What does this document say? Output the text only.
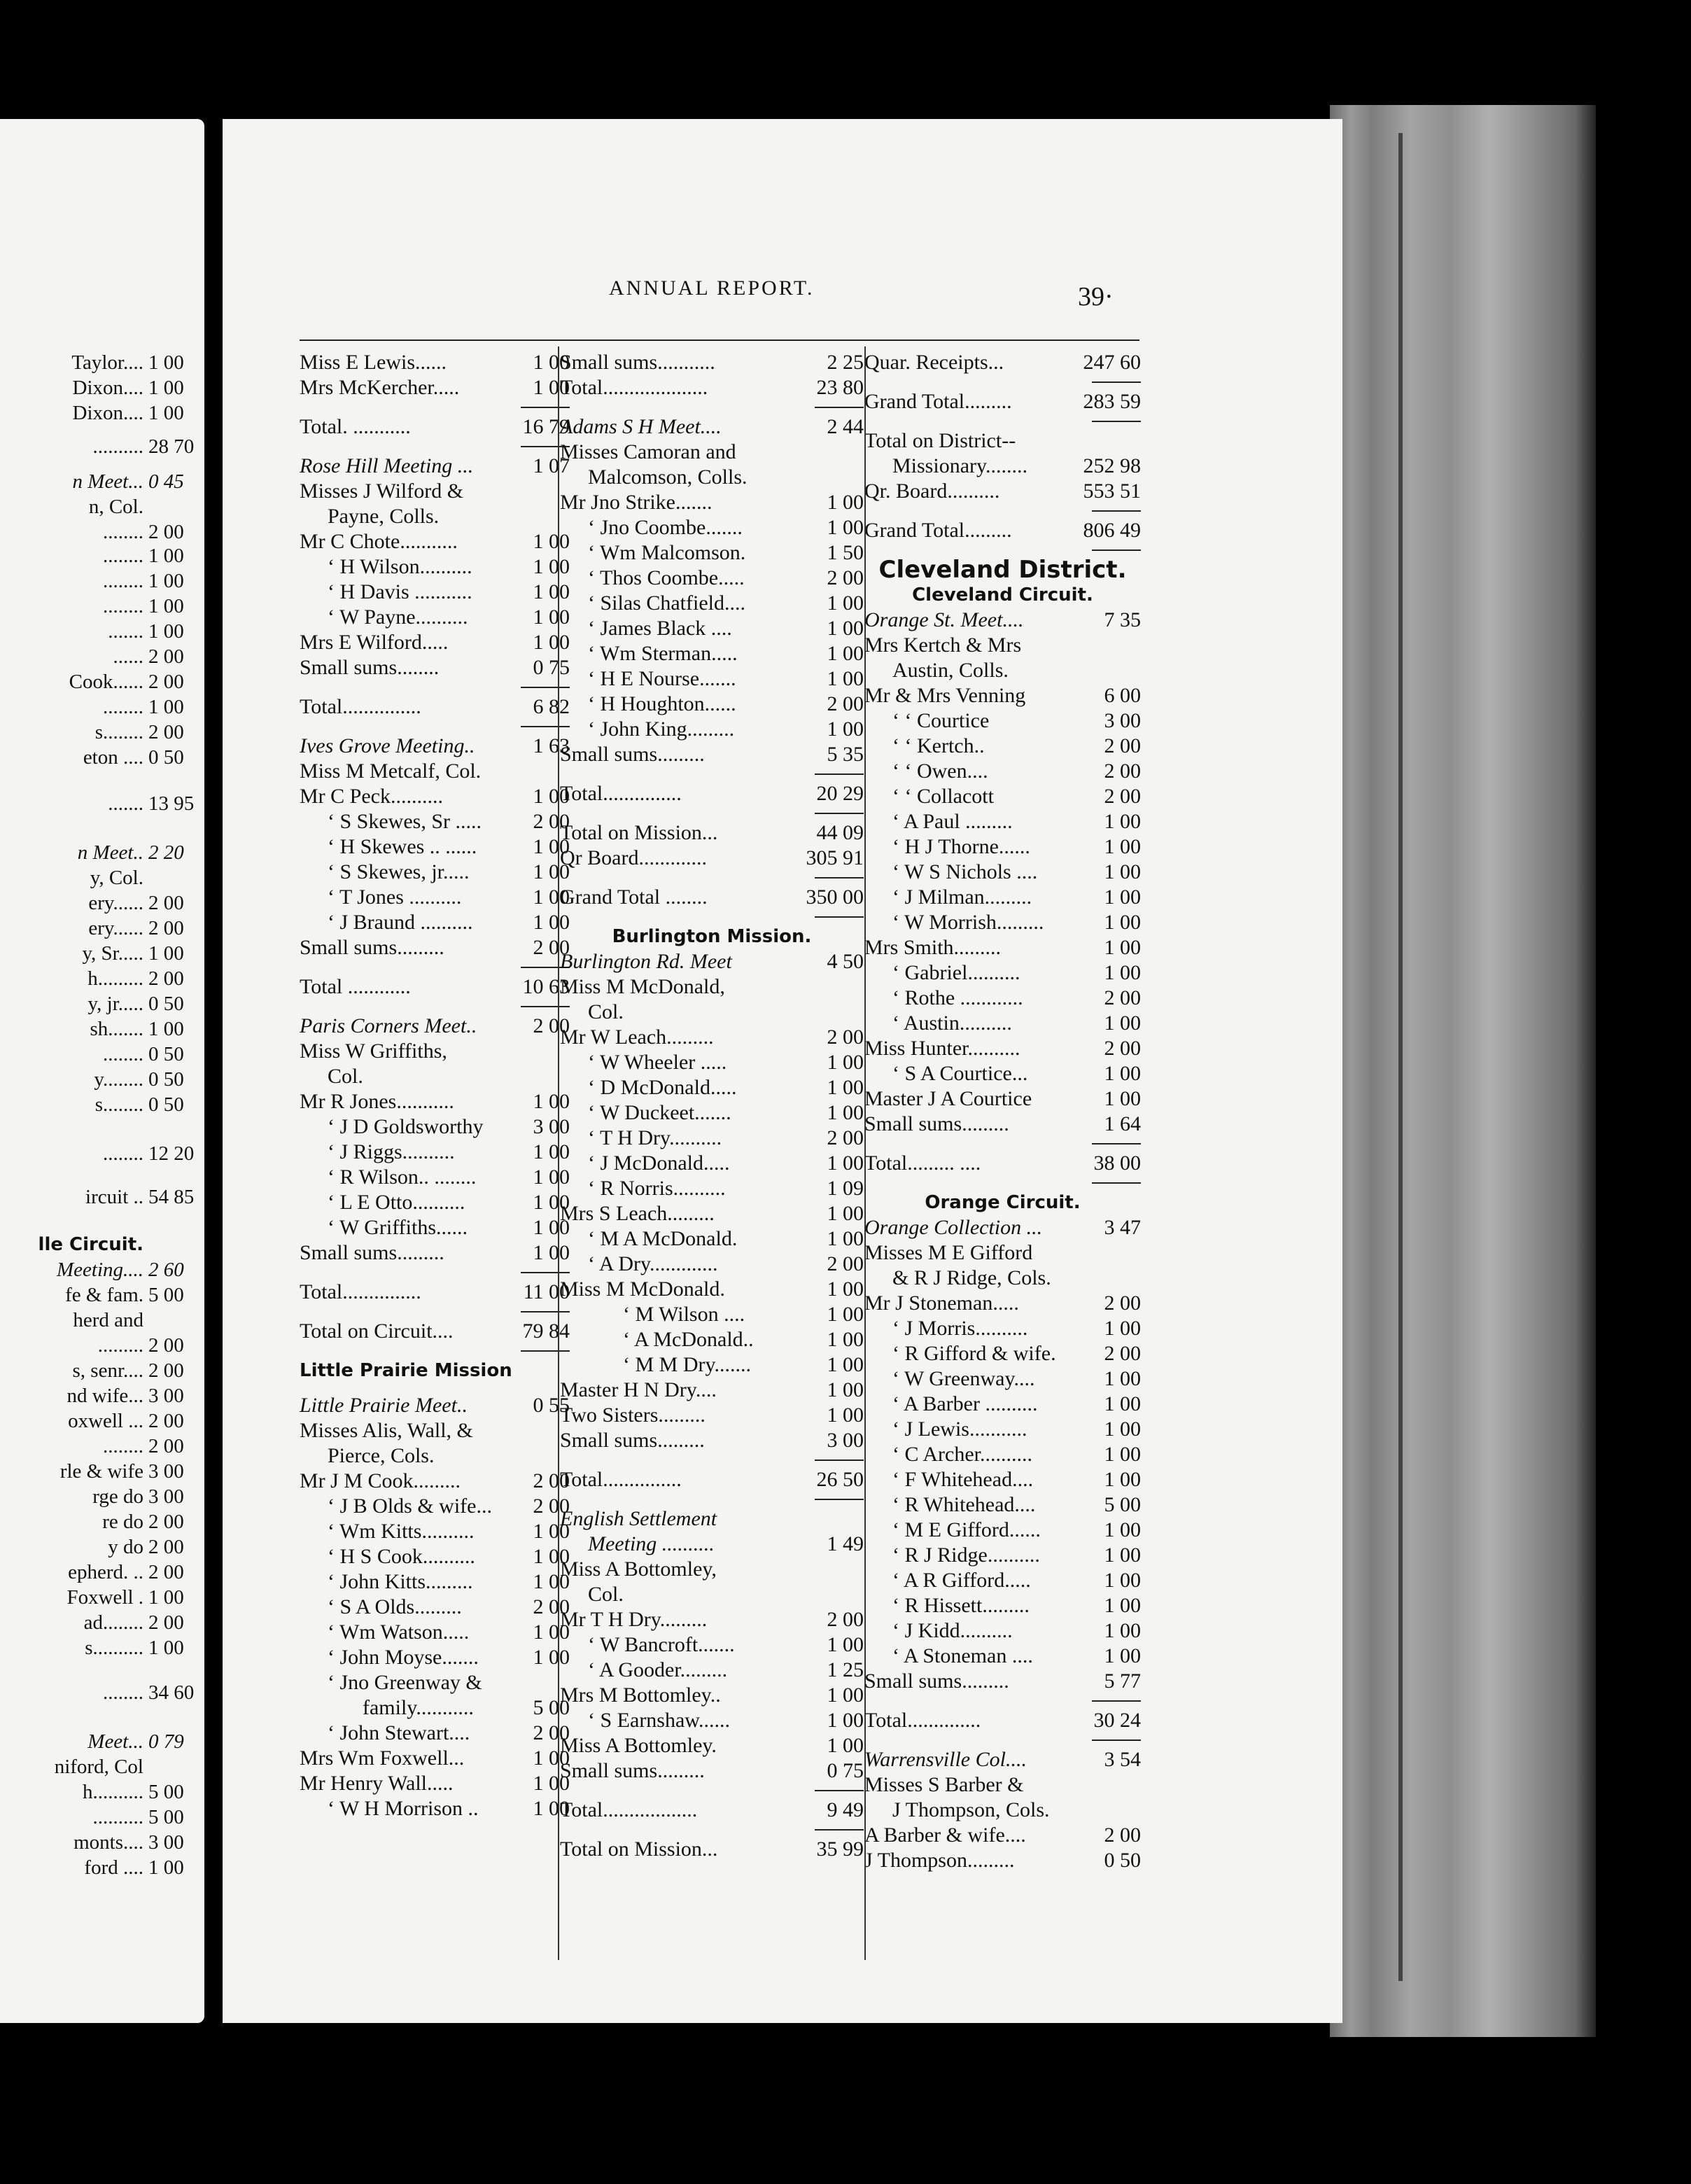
Taylor.... 1 00
Dixon.... 1 00
Dixon.... 1 00
.......... 28 70
n Meet... 0 45
n, Col.
........ 2 00
........ 1 00
........ 1 00
........ 1 00
....... 1 00
...... 2 00
Cook...... 2 00
........ 1 00
s........ 2 00
eton .... 0 50
....... 13 95
n Meet.. 2 20
y, Col.
ery...... 2 00
ery...... 2 00
y, Sr..... 1 00
h......... 2 00
y, jr..... 0 50
sh....... 1 00
........ 0 50
y........ 0 50
s........ 0 50
........ 12 20
ircuit .. 54 85
lle Circuit.
Meeting.... 2 60
fe & fam. 5 00
herd and
......... 2 00
s, senr.... 2 00
nd wife... 3 00
oxwell ... 2 00
........ 2 00
rle & wife 3 00
rge do 3 00
re do 2 00
y do 2 00
epherd. .. 2 00
Foxwell . 1 00
ad........ 2 00
s.......... 1 00
........ 34 60
Meet... 0 79
niford, Col
h.......... 5 00
.......... 5 00
monts.... 3 00
ford .... 1 00
ANNUAL REPORT.	39·
Miss E Lewis......	1 00
Mrs McKercher.....	1 00
Total. ...........	16 79
Rose Hill Meeting ...	1 07
Misses J Wilford &
Payne, Colls.
Mr C Chote...........	1 00
‘ H Wilson..........	1 00
‘ H Davis ...........	1 00
‘ W Payne..........	1 00
Mrs E Wilford.....	1 00
Small sums........	0 75
Total...............	6 82
Ives Grove Meeting..	1 63
Miss M Metcalf, Col.
Mr C Peck..........	1 00
‘ S Skewes, Sr ..... 2 00
‘ H Skewes .. ......	1 00
‘ S Skewes, jr.....	1 00
‘ T Jones ..........	1 00
‘ J Braund ..........	1 00
Small sums.........	2 00
Total ............	10 63
Paris Corners Meet..	2 00
Miss W Griffiths,
Col.
Mr R Jones...........	1 00
‘ J D Goldsworthy 3 00
‘ J Riggs..........	1 00
‘ R Wilson.. ........	1 00
‘ L E Otto..........	1 00
‘ W Griffiths......	1 00
Small sums.........	1 00
Total...............	11 00
Total on Circuit....	79 84
Little Prairie Mission
Little Prairie Meet..	0 55
Misses Alis, Wall, &
Pierce, Cols.
Mr J M Cook.........	2 00
‘ J B Olds & wife... 2 00
‘ Wm Kitts..........	1 00
‘ H S Cook..........	1 00
‘ John Kitts.........	1 00
‘ S A Olds.........	2 00
‘ Wm Watson.....	1 00
‘ John Moyse.......	1 00
‘ Jno Greenway &
family...........	5 00
‘ John Stewart....	2 00
Mrs Wm Foxwell...	1 00
Mr Henry Wall.....	1 00
‘ W H Morrison ..	1 00
Small sums...........	2 25
Total....................	23 80
Adams S H Meet....	2 44
Misses Camoran and
Malcomson, Colls.
Mr Jno Strike.......	1 00
‘ Jno Coombe.......	1 00
‘ Wm Malcomson.	1 50
‘ Thos Coombe.....	2 00
‘ Silas Chatfield....	1 00
‘ James Black ....	1 00
‘ Wm Sterman.....	1 00
‘ H E Nourse.......	1 00
‘ H Houghton......	2 00
‘ John King.........	1 00
Small sums.........	5 35
Total...............	20 29
Total on Mission...	44 09
Qr Board.............	305 91
Grand Total ........	350 00
Burlington Mission.
Burlington Rd. Meet	4 50
Miss M McDonald,
Col.
Mr W Leach.........	2 00
‘ W Wheeler .....	1 00
‘ D McDonald.....	1 00
‘ W Duckeet.......	1 00
‘ T H Dry..........	2 00
‘ J McDonald.....	1 00
‘ R Norris..........	1 09
Mrs S Leach.........	1 00
‘ M A McDonald.	1 00
‘ A Dry.............	2 00
Miss M McDonald.	1 00
‘ M Wilson ....	1 00
‘ A McDonald..	1 00
‘ M M Dry.......	1 00
Master H N Dry....	1 00
Two Sisters.........	1 00
Small sums.........	3 00
Total...............	26 50
English Settlement
Meeting ..........	1 49
Miss A Bottomley,
Col.
Mr T H Dry.........	2 00
‘ W Bancroft.......	1 00
‘ A Gooder.........	1 25
Mrs M Bottomley..	1 00
‘ S Earnshaw......	1 00
Miss A Bottomley.	1 00
Small sums.........	0 75
Total..................	9 49
Total on Mission...	35 99
Quar. Receipts...	247 60
Grand Total.........	283 59
Total on District--
Missionary........	252 98
Qr. Board..........	553 51
Grand Total.........	806 49
Cleveland District.
Cleveland Circuit.
Orange St. Meet....	7 35
Mrs Kertch & Mrs
Austin, Colls.
Mr & Mrs Venning	6 00
‘ ‘ Courtice	3 00
‘ ‘ Kertch..	2 00
‘ ‘ Owen....	2 00
‘ ‘ Collacott	2 00
‘ A Paul .........	1 00
‘ H J Thorne......	1 00
‘ W S Nichols ....	1 00
‘ J Milman.........	1 00
‘ W Morrish.........	1 00
Mrs Smith.........	1 00
‘ Gabriel..........	1 00
‘ Rothe ............	2 00
‘ Austin..........	1 00
Miss Hunter..........	2 00
‘ S A Courtice...	1 00
Master J A Courtice	1 00
Small sums.........	1 64
Total......... ....	38 00
Orange Circuit.
Orange Collection ...	3 47
Misses M E Gifford
& R J Ridge, Cols.
Mr J Stoneman.....	2 00
‘ J Morris..........	1 00
‘ R Gifford & wife. 2 00
‘ W Greenway....	1 00
‘ A Barber ..........	1 00
‘ J Lewis...........	1 00
‘ C Archer..........	1 00
‘ F Whitehead....	1 00
‘ R Whitehead....	5 00
‘ M E Gifford......	1 00
‘ R J Ridge..........	1 00
‘ A R Gifford.....	1 00
‘ R Hissett.........	1 00
‘ J Kidd..........	1 00
‘ A Stoneman ....	1 00
Small sums.........	5 77
Total..............	30 24
Warrensville Col....	3 54
Misses S Barber &
J Thompson, Cols.
A Barber & wife....	2 00
J Thompson.........	0 50
